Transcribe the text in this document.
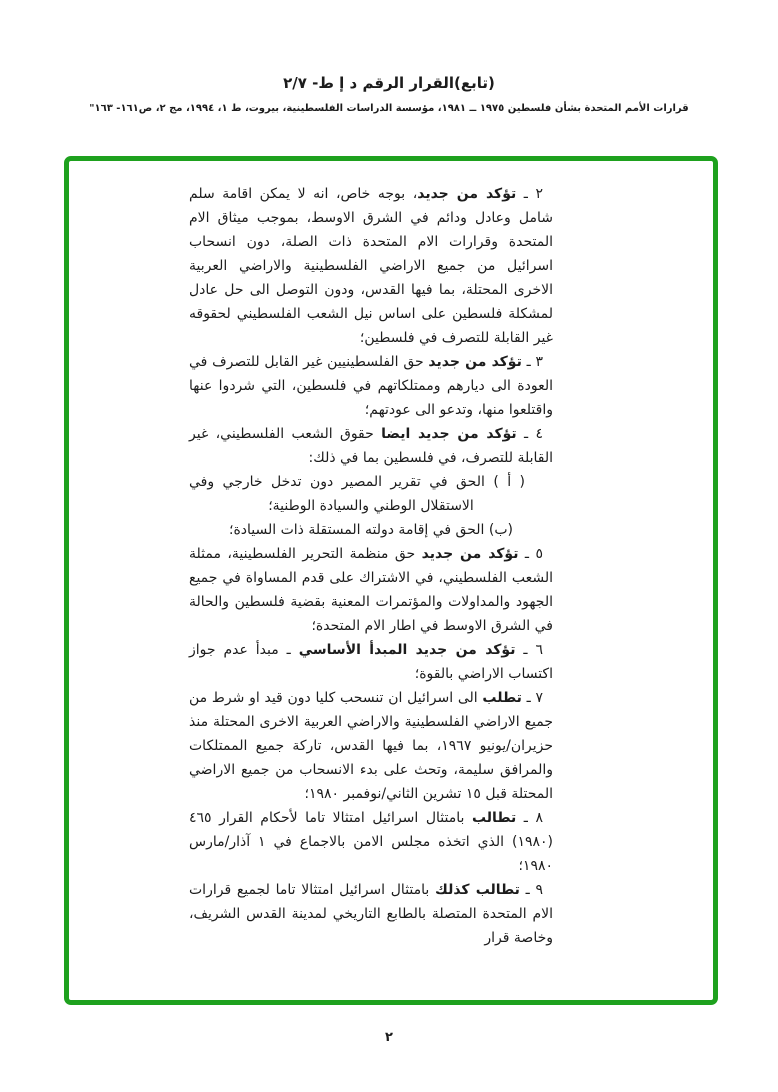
(تابع)القرار الرقم د إ ط- ٢/٧
قرارات الأمم المتحدة بشأن فلسطين ١٩٧٥ ــ ١٩٨١، مؤسسة الدراسات الفلسطينية، بيروت، ط ١، ١٩٩٤، مج ٢، ص١٦١- ١٦٣"

٢ ـ تؤكد من جديد، بوجه خاص، انه لا يمكن اقامة سلم شامل وعادل ودائم في الشرق الاوسط، بموجب ميثاق الام المتحدة وقرارات الام المتحدة ذات الصلة، دون انسحاب اسرائيل من جميع الاراضي الفلسطينية والاراضي العربية الاخرى المحتلة، بما فيها القدس، ودون التوصل الى حل عادل لمشكلة فلسطين على اساس نيل الشعب الفلسطيني لحقوقه غير القابلة للتصرف في فلسطين؛

٣ ـ تؤكد من جديد حق الفلسطينيين غير القابل للتصرف في العودة الى ديارهم وممتلكاتهم في فلسطين، التي شردوا عنها واقتلعوا منها، وتدعو الى عودتهم؛

٤ ـ تؤكد من جديد ايضا حقوق الشعب الفلسطيني، غير القابلة للتصرف، في فلسطين بما في ذلك:

( أ ) الحق في تقرير المصير دون تدخل خارجي وفي الاستقلال الوطني والسيادة الوطنية؛

(ب) الحق في إقامة دولته المستقلة ذات السيادة؛

٥ ـ تؤكد من جديد حق منظمة التحرير الفلسطينية، ممثلة الشعب الفلسطيني، في الاشتراك على قدم المساواة في جميع الجهود والمداولات والمؤتمرات المعنية بقضية فلسطين والحالة في الشرق الاوسط في اطار الام المتحدة؛

٦ ـ تؤكد من جديد المبدأ الأساسي ـ مبدأ عدم جواز اكتساب الاراضي بالقوة؛

٧ ـ تطلب الى اسرائيل ان تنسحب كليا دون قيد او شرط من جميع الاراضي الفلسطينية والاراضي العربية الاخرى المحتلة منذ حزيران/يونيو ١٩٦٧، بما فيها القدس، تاركة جميع الممتلكات والمرافق سليمة، وتحث على بدء الانسحاب من جميع الاراضي المحتلة قبل ١٥ تشرين الثاني/نوفمبر ١٩٨٠؛

٨ ـ تطالب بامتثال اسرائيل امتثالا تاما لأحكام القرار ٤٦٥ (١٩٨٠) الذي اتخذه مجلس الامن بالاجماع في ١ آذار/مارس ١٩٨٠؛

٩ ـ تطالب كذلك بامتثال اسرائيل امتثالا تاما لجميع قرارات الام المتحدة المتصلة بالطابع التاريخي لمدينة القدس الشريف، وخاصة قرار

٢
